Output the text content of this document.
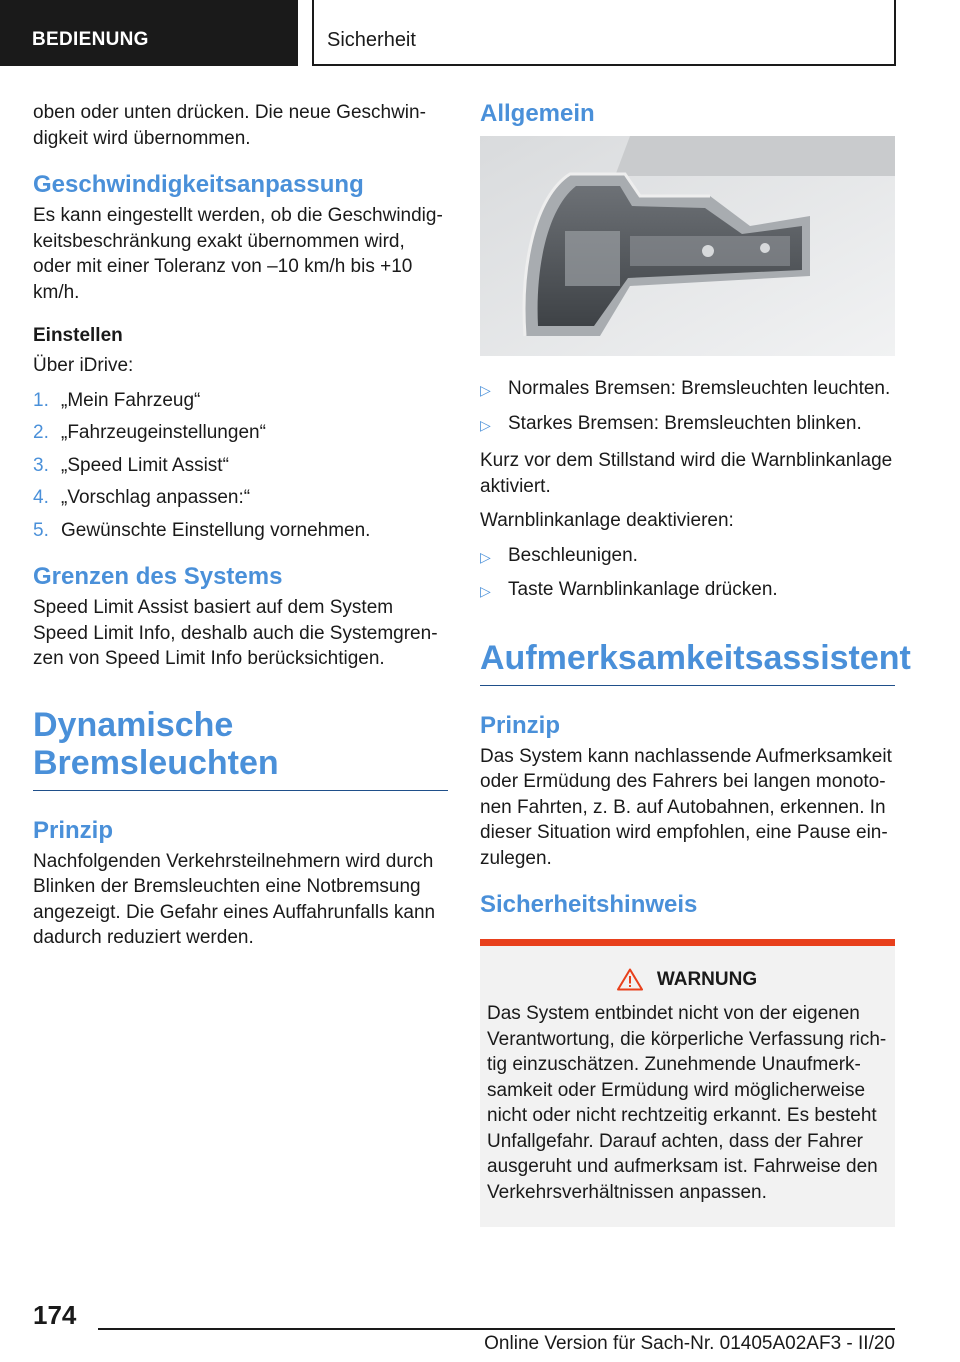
BEDIENUNG	Sicherheit

oben oder unten drücken. Die neue Geschwindigkeit wird übernommen.

Geschwindigkeitsanpassung

Es kann eingestellt werden, ob die Geschwindigkeitsbeschränkung exakt übernommen wird, oder mit einer Toleranz von –10 km/h bis +10 km/h.

Einstellen

Über iDrive:

1. „Mein Fahrzeug“
2. „Fahrzeugeinstellungen“
3. „Speed Limit Assist“
4. „Vorschlag anpassen:“
5. Gewünschte Einstellung vornehmen.
Grenzen des Systems

Speed Limit Assist basiert auf dem System Speed Limit Info, deshalb auch die Systemgrenzen von Speed Limit Info berücksichtigen.

Dynamische Bremsleuchten
Prinzip

Nachfolgenden Verkehrsteilnehmern wird durch Blinken der Bremsleuchten eine Notbremsung angezeigt. Die Gefahr eines Auffahrunfalls kann dadurch reduziert werden.

Allgemein
▷ Normales Bremsen: Bremsleuchten leuchten.
▷ Starkes Bremsen: Bremsleuchten blinken.

Kurz vor dem Stillstand wird die Warnblinkanlage aktiviert.

Warnblinkanlage deaktivieren:

▷ Beschleunigen.
▷ Taste Warnblinkanlage drücken.
Aufmerksamkeitsassistent
Prinzip

Das System kann nachlassende Aufmerksamkeit oder Ermüdung des Fahrers bei langen monotonen Fahrten, z. B. auf Autobahnen, erkennen. In dieser Situation wird empfohlen, eine Pause einzulegen.

Sicherheitshinweis
WARNUNG

Das System entbindet nicht von der eigenen Verantwortung, die körperliche Verfassung richtig einzuschätzen. Zunehmende Unaufmerksamkeit oder Ermüdung wird möglicherweise nicht oder nicht rechtzeitig erkannt. Es besteht Unfallgefahr. Darauf achten, dass der Fahrer ausgeruht und aufmerksam ist. Fahrweise den Verkehrsverhältnissen anpassen.

174
Online Version für Sach-Nr. 01405A02AF3 - II/20
